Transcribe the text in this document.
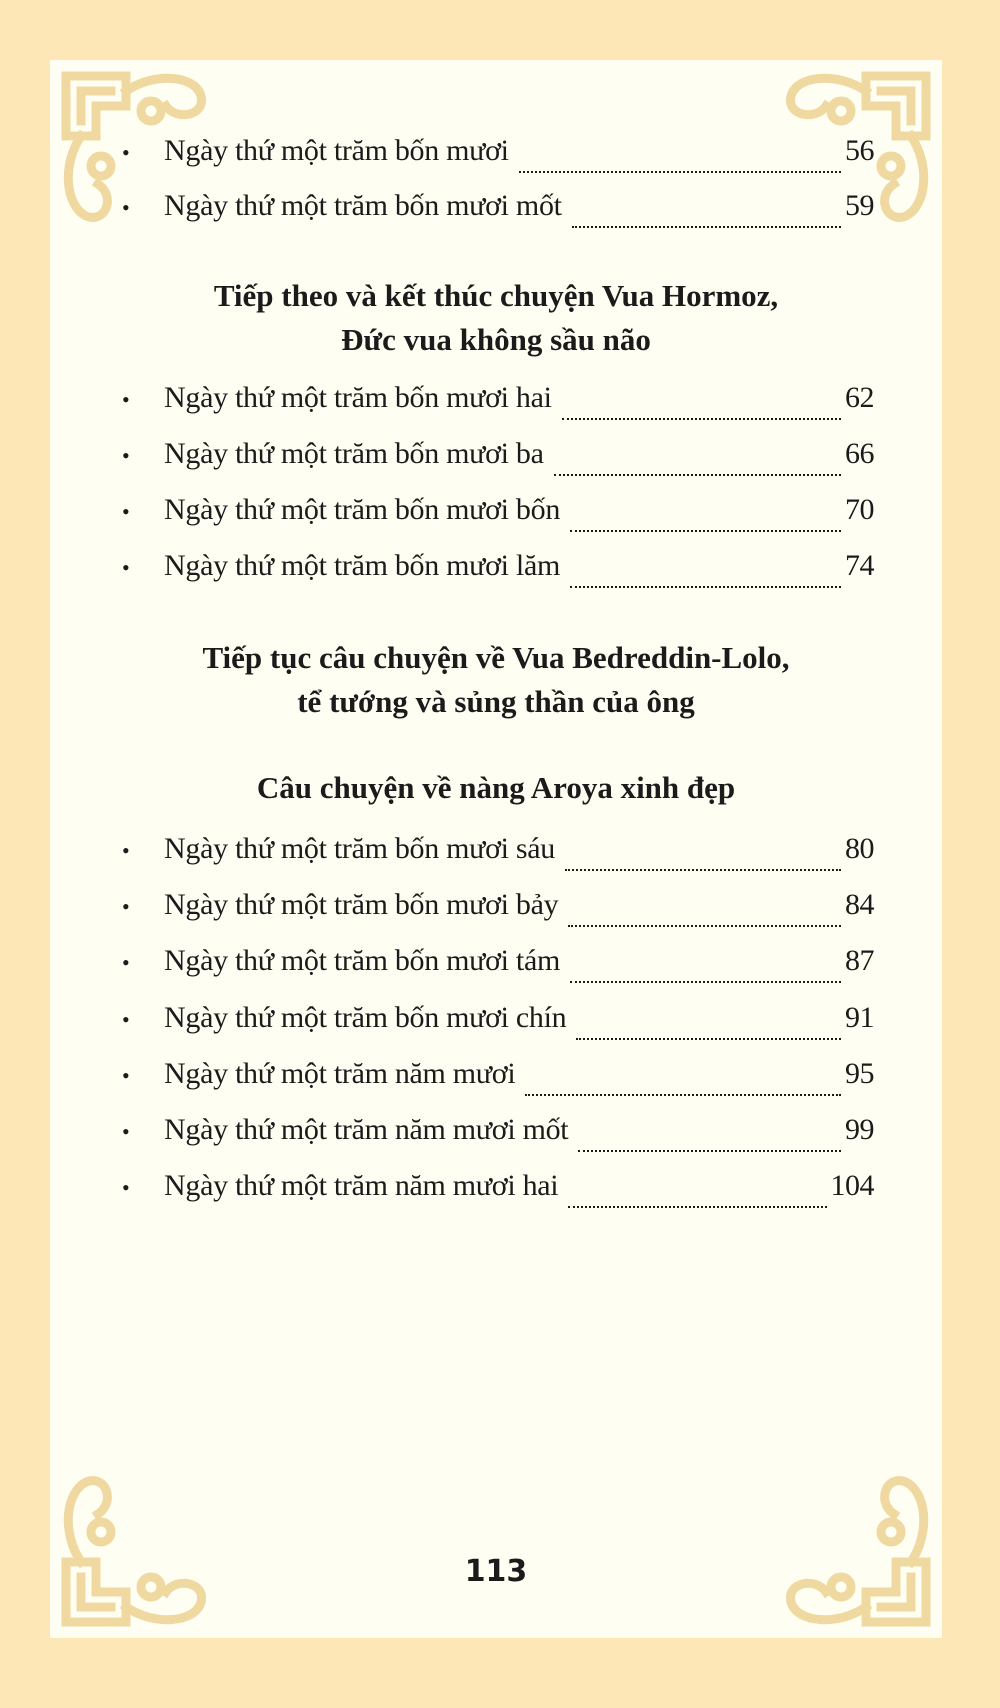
•	Ngày thứ một trăm bốn mươi	56
•	Ngày thứ một trăm bốn mươi mốt	59
Tiếp theo và kết thúc chuyện Vua Hormoz,
Đức vua không sầu não
•	Ngày thứ một trăm bốn mươi hai	62
•	Ngày thứ một trăm bốn mươi ba	66
•	Ngày thứ một trăm bốn mươi bốn	70
•	Ngày thứ một trăm bốn mươi lăm	74
Tiếp tục câu chuyện về Vua Bedreddin-Lolo,
tể tướng và sủng thần của ông
Câu chuyện về nàng Aroya xinh đẹp
•	Ngày thứ một trăm bốn mươi sáu	80
•	Ngày thứ một trăm bốn mươi bảy	84
•	Ngày thứ một trăm bốn mươi tám	87
•	Ngày thứ một trăm bốn mươi chín	91
•	Ngày thứ một trăm năm mươi	95
•	Ngày thứ một trăm năm mươi mốt	99
•	Ngày thứ một trăm năm mươi hai	104
113
